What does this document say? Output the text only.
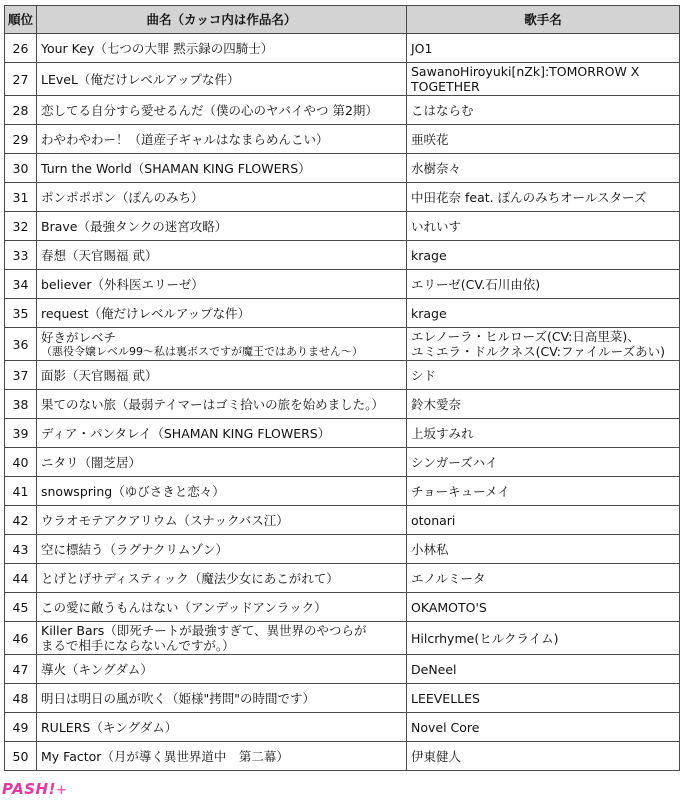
順位	曲名（カッコ内は作品名）	歌手名
26	Your Key（七つの大罪 黙示録の四騎士）	JO1

27	LEveL（俺だけレベルアップな件）	SawanoHiroyuki[nZk]:TOMORROW X
TOGETHER

28	恋してる自分すら愛せるんだ（僕の心のヤバイやつ 第2期）	こはならむ

29	わやわやわー！（道産子ギャルはなまらめんこい）	亜咲花

30	Turn the World（SHAMAN KING FLOWERS）	水樹奈々

31	ポンポポポン（ぽんのみち）	中田花奈 feat. ぽんのみちオールスターズ

32	Brave（最強タンクの迷宮攻略）	いれいす

33	春想（天官賜福 貮）	krage

34	believer（外科医エリーゼ）	エリーゼ(CV.石川由依)

35	request（俺だけレベルアップな件）	krage

36	好きがレベチ
（悪役令嬢レベル99～私は裏ボスですが魔王ではありません～）	エレノーラ・ヒルローズ(CV:日高里菜)、
ユミエラ・ドルクネス(CV:ファイルーズあい)

37	面影（天官賜福 貮）	シド

38	果てのない旅（最弱テイマーはゴミ拾いの旅を始めました。）	鈴木愛奈

39	ディア・パンタレイ（SHAMAN KING FLOWERS）	上坂すみれ

40	ニタリ（闇芝居）	シンガーズハイ

41	snowspring（ゆびさきと恋々）	チョーキューメイ

42	ウラオモテアクアリウム（スナックバス江）	otonari

43	空に標結う（ラグナクリムゾン）	小林私

44	とげとげサディスティック（魔法少女にあこがれて）	エノルミータ

45	この愛に敵うもんはない（アンデッドアンラック）	OKAMOTO'S

46	Killer Bars（即死チートが最強すぎて、異世界のやつらが
まるで相手にならないんですが。）	Hilcrhyme(ヒルクライム)

47	導火（キングダム）	DeNeel

48	明日は明日の風が吹く（姫様"拷問"の時間です）	LEEVELLES

49	RULERS（キングダム）	Novel Core

50	My Factor（月が導く異世界道中　第二幕）	伊東健人
PASH!+
